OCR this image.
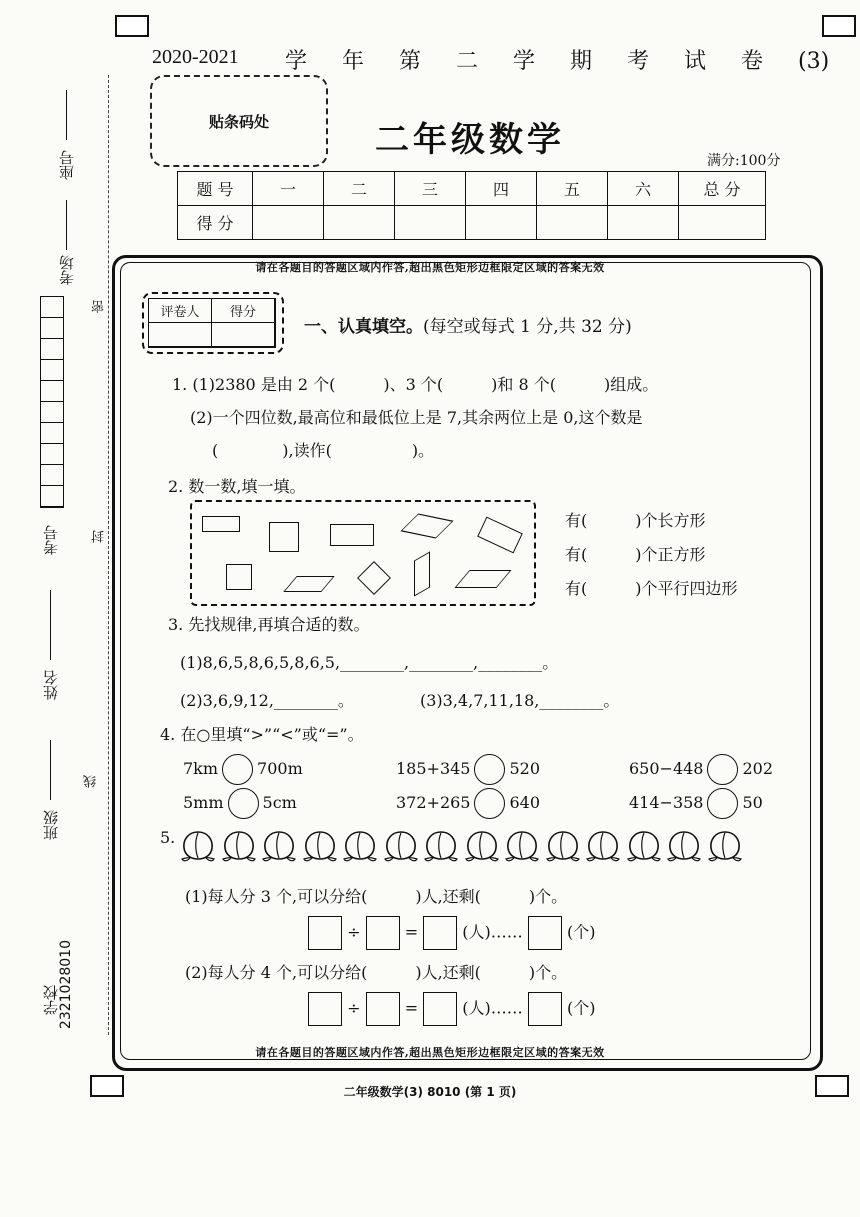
2020-2021 学 年 第 二 学 期 考 试 卷 (3)
贴条码处	二年级数学
满分:100分
题 号	一	二	三	四	五	六	总 分
得 分							
请在各题目的答题区域内作答,超出黑色矩形边框限定区域的答案无效
请在各题目的答题区域内作答,超出黑色矩形边框限定区域的答案无效
评卷人	得分
一、认真填空。(每空或每式 1 分,共 32 分)
1. (1)2380 是由 2 个(　　　)、3 个(　　　)和 8 个(　　　)组成。
(2)一个四位数,最高位和最低位上是 7,其余两位上是 0,这个数是
(　　　　),读作(　　　　　)。
2. 数一数,填一填。
有(　　　)个长方形
有(　　　)个正方形
有(　　　)个平行四边形
3. 先找规律,再填合适的数。
(1)8,6,5,8,6,5,8,6,5,________,________,________。
(2)3,6,9,12,________。	(3)3,4,7,11,18,________。
4. 在○里填“>”“<”或“=”。
7km 700m	185+345 520	650−448 202
5mm 5cm	372+265 640	414−358 50
5.
(1)每人分 3 个,可以分给(　　　)人,还剩(　　　)个。
÷	=	(人)……	(个)
(2)每人分 4 个,可以分给(　　　)人,还剩(　　　)个。
÷	=	(人)……	(个)
座号
考场
考号
姓名
班级
学校
2321028010
密
封
线
二年级数学(3) 8010 (第 1 页)
